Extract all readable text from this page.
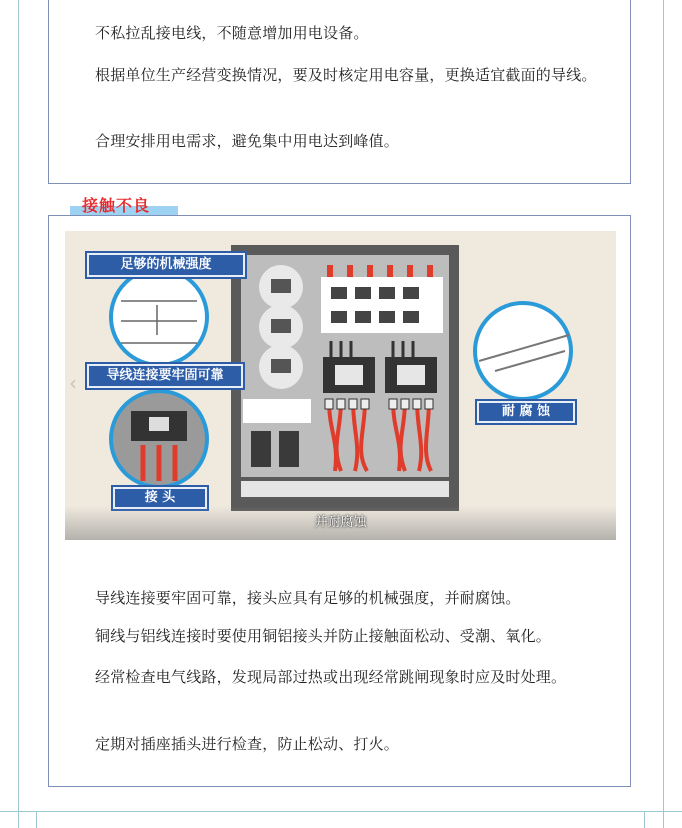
不私拉乱接电线，不随意增加用电设备。

根据单位生产经营变换情况，要及时核定用电容量，更换适宜截面的导线。

合理安排用电需求，避免集中用电达到峰值。

接触不良
足够的机械强度
导线连接要牢固可靠
接 头
耐 腐 蚀
‹
并耐腐蚀

导线连接要牢固可靠，接头应具有足够的机械强度，并耐腐蚀。

铜线与铝线连接时要使用铜铝接头并防止接触面松动、受潮、氧化。

经常检查电气线路，发现局部过热或出现经常跳闸现象时应及时处理。

定期对插座插头进行检查，防止松动、打火。
